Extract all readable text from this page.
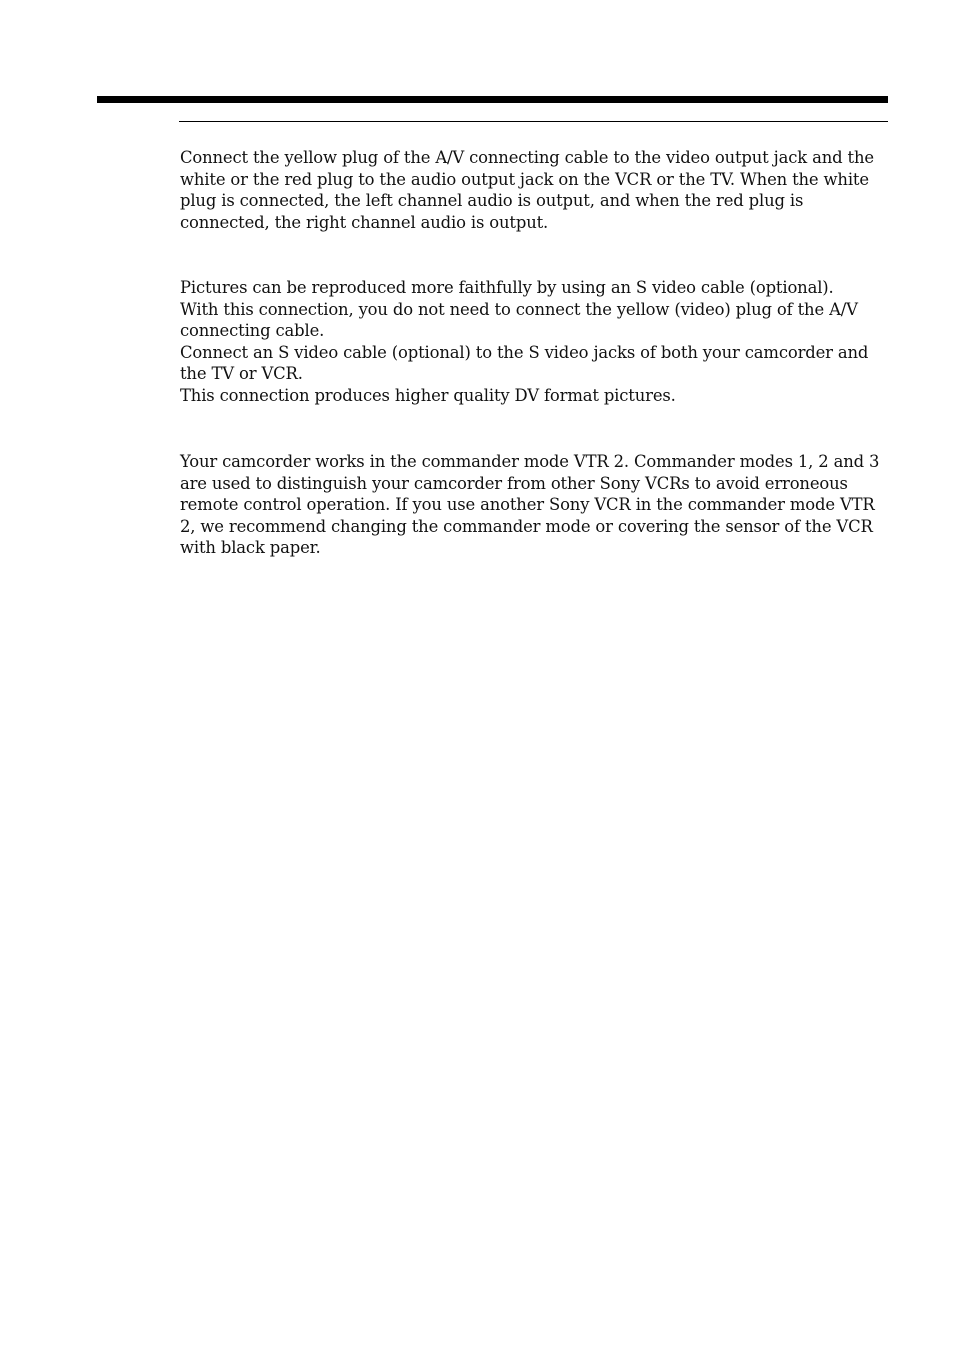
Connect the yellow plug of the A/V connecting cable to the video output jack and the white or the red plug to the audio output jack on the VCR or the TV. When the white plug is connected, the left channel audio is output, and when the red plug is connected, the right channel audio is output.

Pictures can be reproduced more faithfully by using an S video cable (optional).

With this connection, you do not need to connect the yellow (video) plug of the A/V connecting cable.

Connect an S video cable (optional) to the S video jacks of both your camcorder and the TV or VCR.

This connection produces higher quality DV format pictures.

Your camcorder works in the commander mode VTR 2. Commander modes 1, 2 and 3 are used to distinguish your camcorder from other Sony VCRs to avoid erroneous remote control operation. If you use another Sony VCR in the commander mode VTR 2, we recommend changing the commander mode or covering the sensor of the VCR with black paper.
